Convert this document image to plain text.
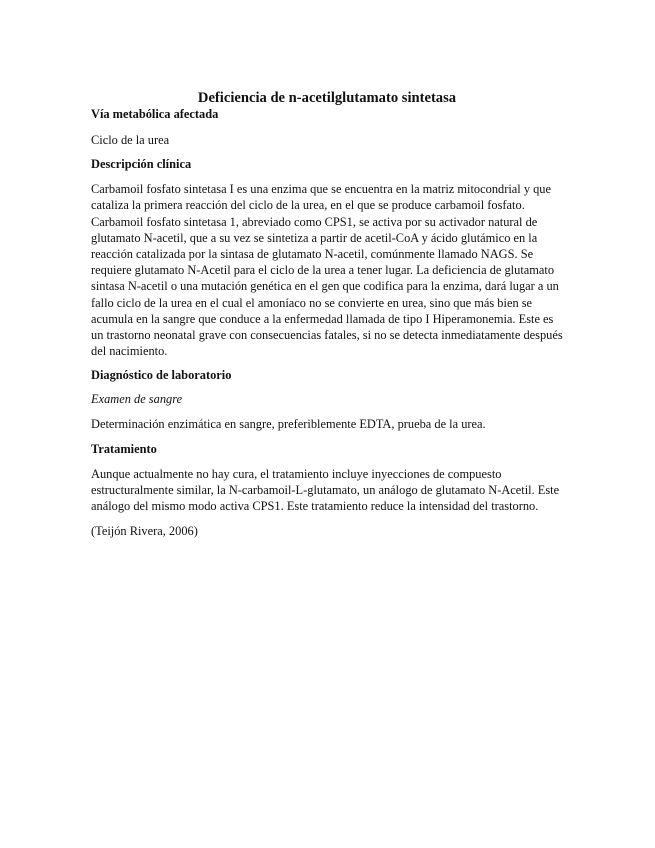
Deficiencia de n-acetilglutamato sintetasa
Vía metabólica afectada
Ciclo de la urea
Descripción clínica
Carbamoil fosfato sintetasa I es una enzima que se encuentra en la matriz mitocondrial y que cataliza la primera reacción del ciclo de la urea, en el que se produce carbamoil fosfato. Carbamoil fosfato sintetasa 1, abreviado como CPS1, se activa por su activador natural de glutamato N-acetil, que a su vez se sintetiza a partir de acetil-CoA y ácido glutámico en la reacción catalizada por la sintasa de glutamato N-acetil, comúnmente llamado NAGS. Se requiere glutamato N-Acetil para el ciclo de la urea a tener lugar. La deficiencia de glutamato sintasa N-acetil o una mutación genética en el gen que codifica para la enzima, dará lugar a un fallo ciclo de la urea en el cual el amoníaco no se convierte en urea, sino que más bien se acumula en la sangre que conduce a la enfermedad llamada de tipo I Hiperamonemia. Este es un trastorno neonatal grave con consecuencias fatales, si no se detecta inmediatamente después del nacimiento.
Diagnóstico de laboratorio
Examen de sangre
Determinación enzimática en sangre, preferiblemente EDTA, prueba de la urea.
Tratamiento
Aunque actualmente no hay cura, el tratamiento incluye inyecciones de compuesto estructuralmente similar, la N-carbamoil-L-glutamato, un análogo de glutamato N-Acetil. Este análogo del mismo modo activa CPS1. Este tratamiento reduce la intensidad del trastorno.
(Teijón Rivera, 2006)
